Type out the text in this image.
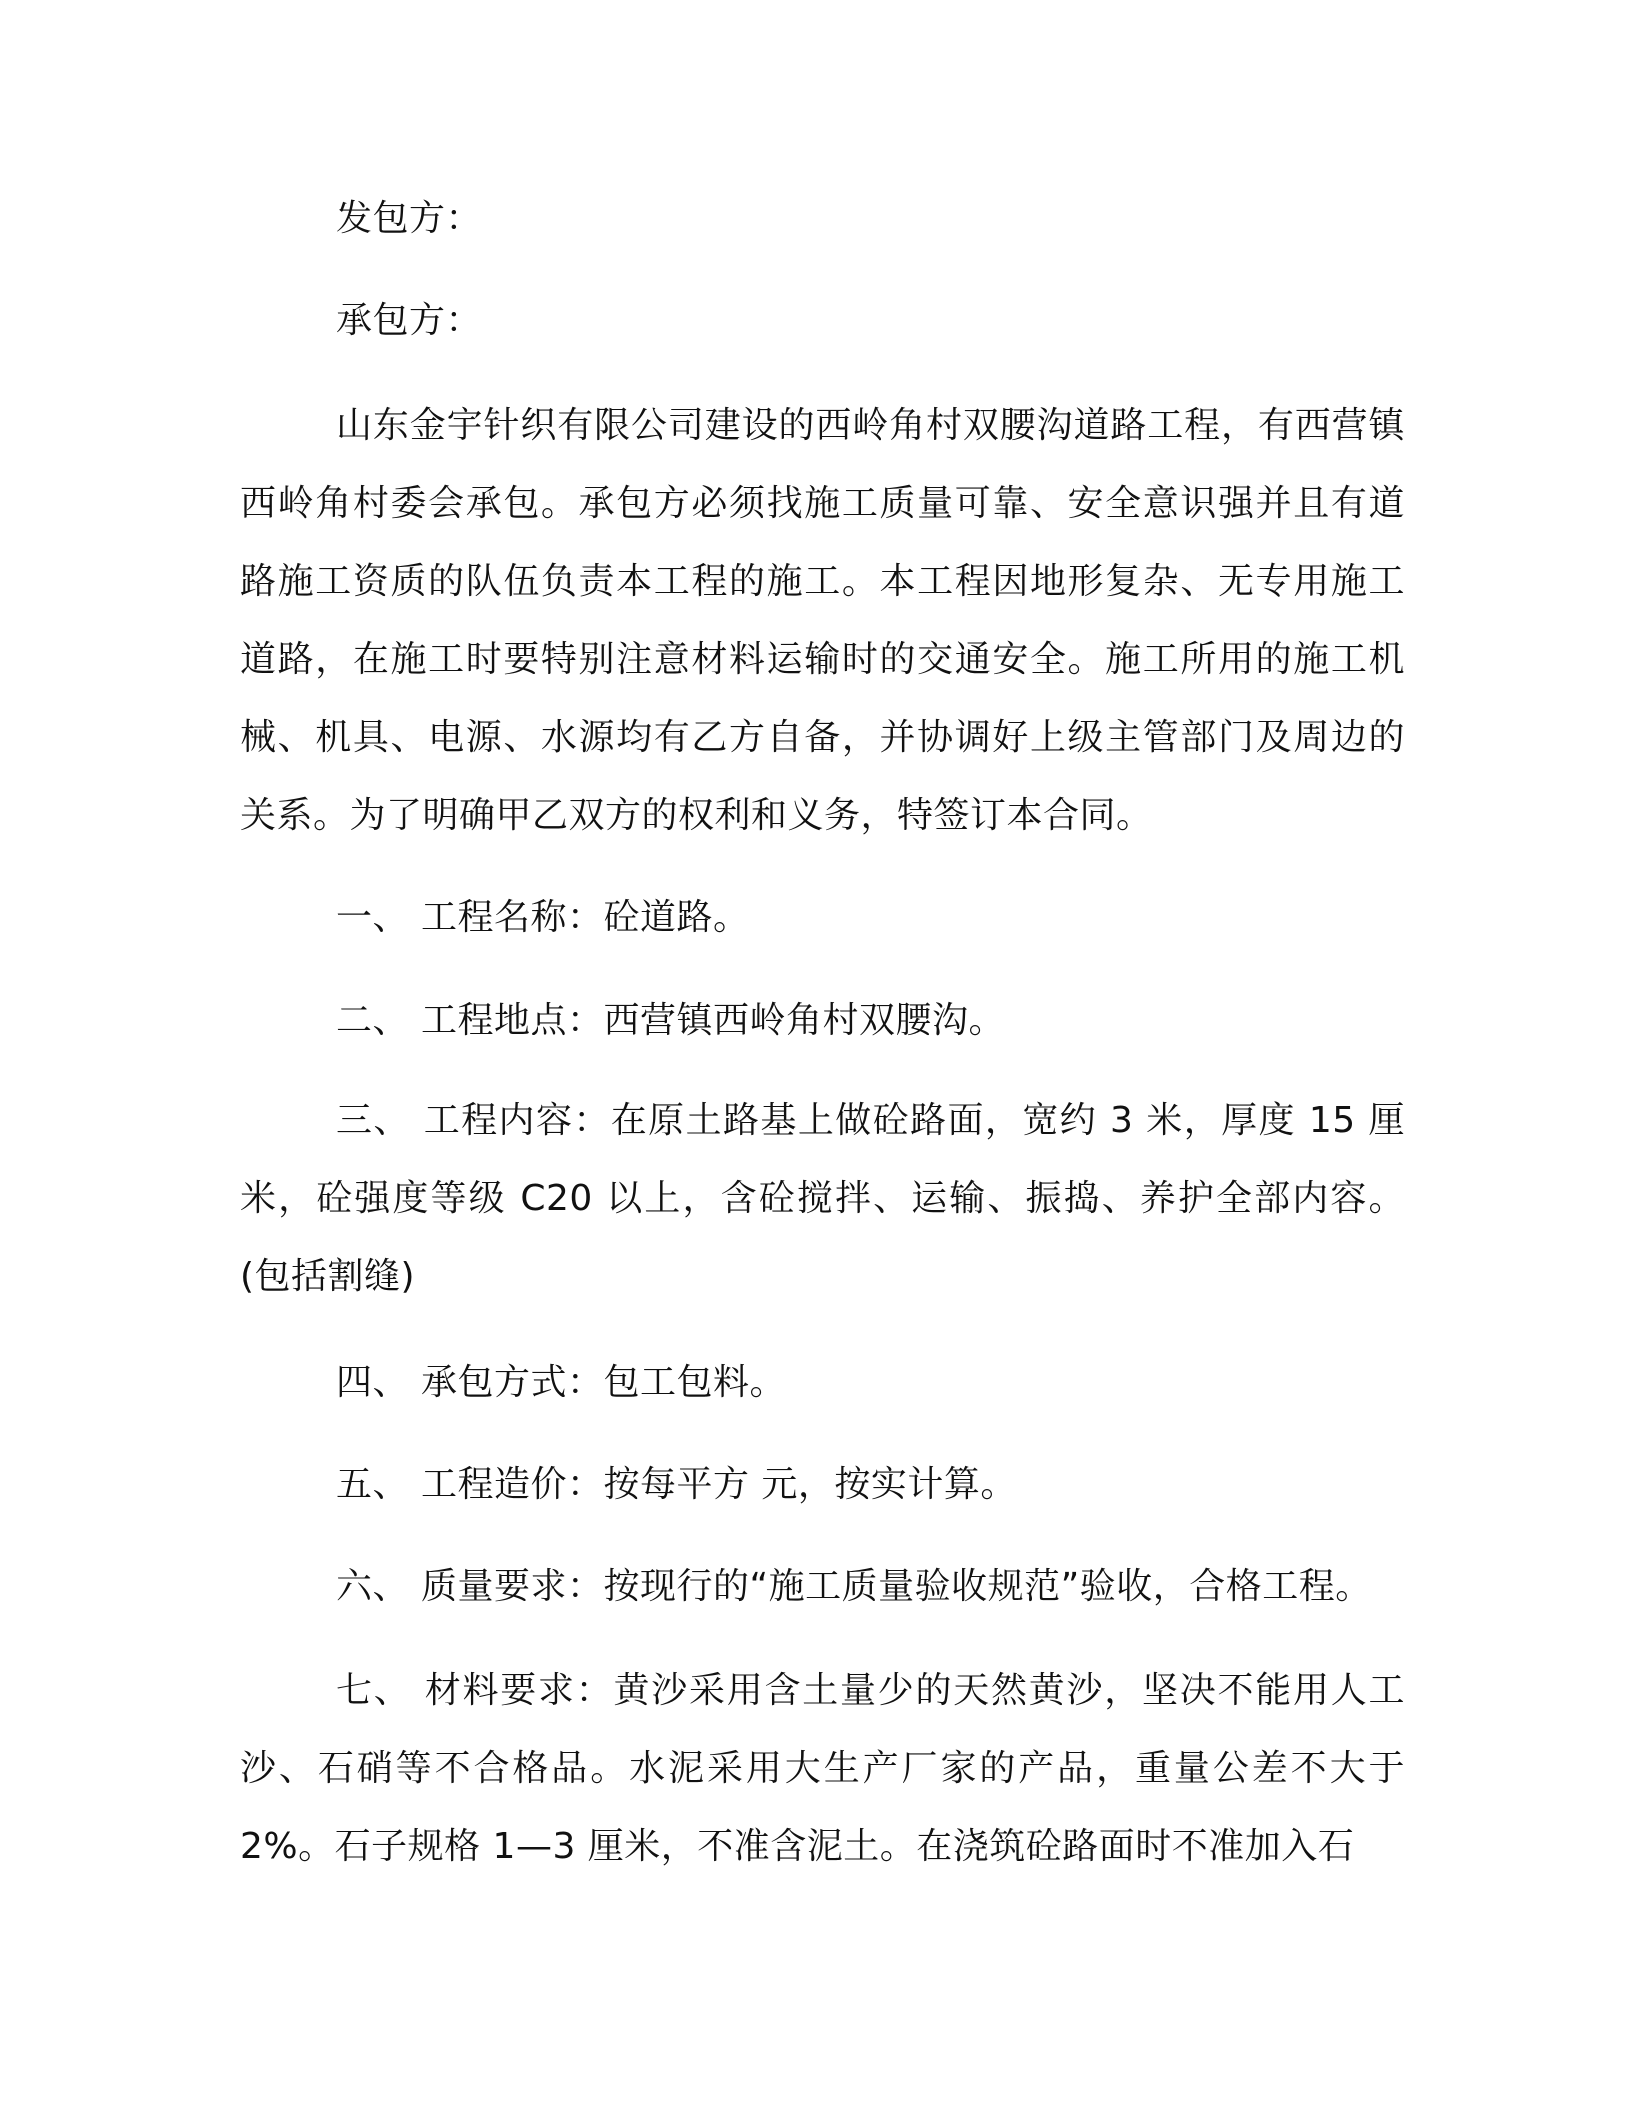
发包方：

承包方：

山东金宇针织有限公司建设的西岭角村双腰沟道路工程，有西营镇西岭角村委会承包。承包方必须找施工质量可靠、安全意识强并且有道路施工资质的队伍负责本工程的施工。本工程因地形复杂、无专用施工道路，在施工时要特别注意材料运输时的交通安全。施工所用的施工机械、机具、电源、水源均有乙方自备，并协调好上级主管部门及周边的关系。为了明确甲乙双方的权利和义务，特签订本合同。

一、 工程名称：砼道路。

二、 工程地点：西营镇西岭角村双腰沟。

三、 工程内容：在原土路基上做砼路面，宽约 3 米，厚度 15 厘米，砼强度等级 C20 以上，含砼搅拌、运输、振捣、养护全部内容。(包括割缝)

四、 承包方式：包工包料。

五、 工程造价：按每平方 元，按实计算。

六、 质量要求：按现行的“施工质量验收规范”验收，合格工程。

七、 材料要求：黄沙采用含土量少的天然黄沙，坚决不能用人工沙、石硝等不合格品。水泥采用大生产厂家的产品，重量公差不大于2%。石子规格 1—3 厘米，不准含泥土。在浇筑砼路面时不准加入石
